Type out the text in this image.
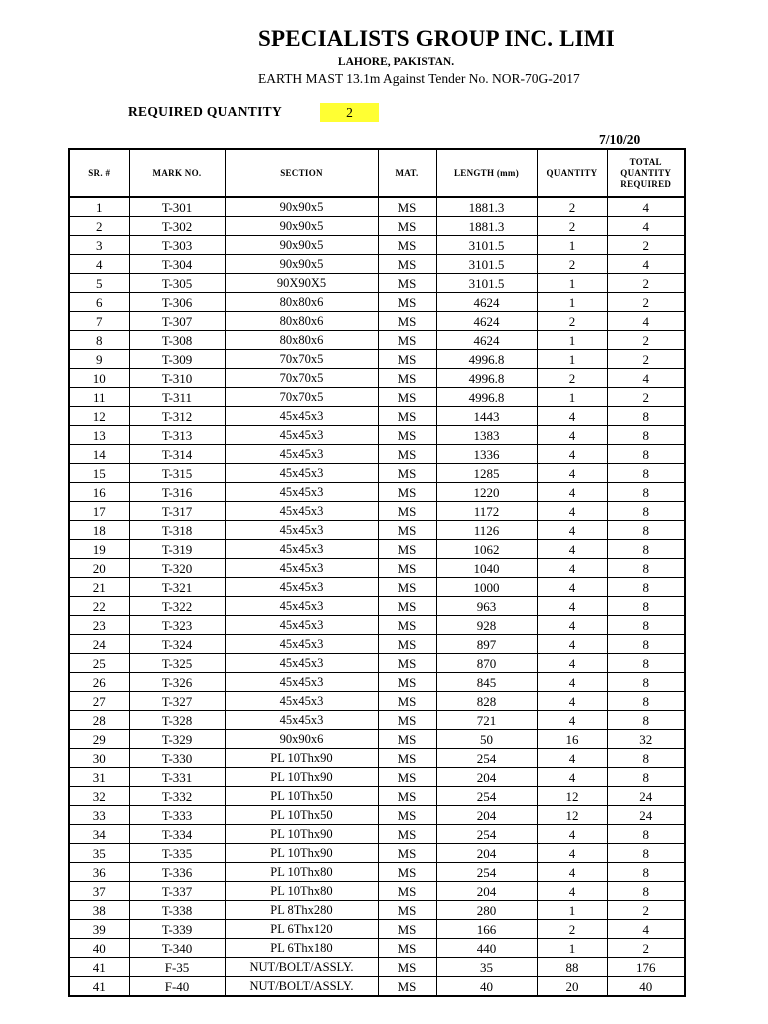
SPECIALISTS GROUP INC. LIMI
LAHORE, PAKISTAN.
EARTH MAST 13.1m Against Tender No. NOR-70G-2017
REQUIRED QUANTITY	2
7/10/20
SR. #	MARK NO.	SECTION	MAT.	LENGTH (mm)	QUANTITY	TOTAL QUANTITY REQUIRED
1	T-301	90x90x5	MS	1881.3	2	4
2	T-302	90x90x5	MS	1881.3	2	4
3	T-303	90x90x5	MS	3101.5	1	2
4	T-304	90x90x5	MS	3101.5	2	4
5	T-305	90X90X5	MS	3101.5	1	2
6	T-306	80x80x6	MS	4624	1	2
7	T-307	80x80x6	MS	4624	2	4
8	T-308	80x80x6	MS	4624	1	2
9	T-309	70x70x5	MS	4996.8	1	2
10	T-310	70x70x5	MS	4996.8	2	4
11	T-311	70x70x5	MS	4996.8	1	2
12	T-312	45x45x3	MS	1443	4	8
13	T-313	45x45x3	MS	1383	4	8
14	T-314	45x45x3	MS	1336	4	8
15	T-315	45x45x3	MS	1285	4	8
16	T-316	45x45x3	MS	1220	4	8
17	T-317	45x45x3	MS	1172	4	8
18	T-318	45x45x3	MS	1126	4	8
19	T-319	45x45x3	MS	1062	4	8
20	T-320	45x45x3	MS	1040	4	8
21	T-321	45x45x3	MS	1000	4	8
22	T-322	45x45x3	MS	963	4	8
23	T-323	45x45x3	MS	928	4	8
24	T-324	45x45x3	MS	897	4	8
25	T-325	45x45x3	MS	870	4	8
26	T-326	45x45x3	MS	845	4	8
27	T-327	45x45x3	MS	828	4	8
28	T-328	45x45x3	MS	721	4	8
29	T-329	90x90x6	MS	50	16	32
30	T-330	PL 10Thx90	MS	254	4	8
31	T-331	PL 10Thx90	MS	204	4	8
32	T-332	PL 10Thx50	MS	254	12	24
33	T-333	PL 10Thx50	MS	204	12	24
34	T-334	PL 10Thx90	MS	254	4	8
35	T-335	PL 10Thx90	MS	204	4	8
36	T-336	PL 10Thx80	MS	254	4	8
37	T-337	PL 10Thx80	MS	204	4	8
38	T-338	PL 8Thx280	MS	280	1	2
39	T-339	PL 6Thx120	MS	166	2	4
40	T-340	PL 6Thx180	MS	440	1	2
41	F-35	NUT/BOLT/ASSLY.	MS	35	88	176
41	F-40	NUT/BOLT/ASSLY.	MS	40	20	40
